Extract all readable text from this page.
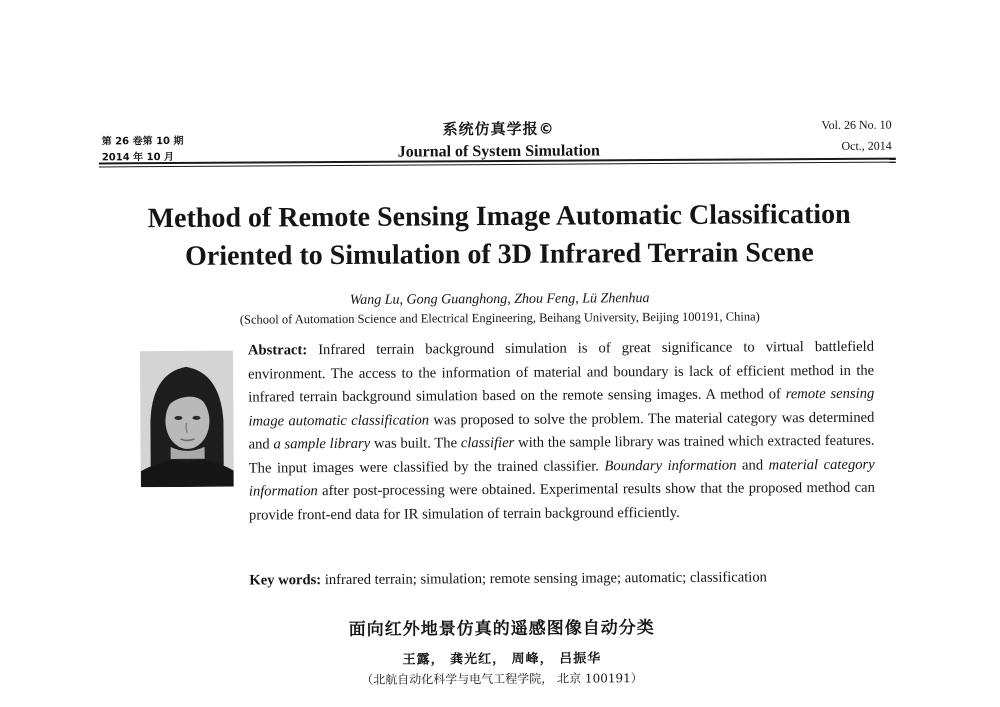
第 26 卷第 10 期
2014 年 10 月
系统仿真学报©
Journal of System Simulation
Vol. 26 No. 10
Oct., 2014
Method of Remote Sensing Image Automatic Classification
Oriented to Simulation of 3D Infrared Terrain Scene
Wang Lu, Gong Guanghong, Zhou Feng, Lü Zhenhua
(School of Automation Science and Electrical Engineering, Beihang University, Beijing 100191, China)
Abstract: Infrared terrain background simulation is of great significance to virtual battlefield environment. The access to the information of material and boundary is lack of efficient method in the infrared terrain background simulation based on the remote sensing images. A method of remote sensing image automatic classification was proposed to solve the problem. The material category was determined and a sample library was built. The classifier with the sample library was trained which extracted features. The input images were classified by the trained classifier. Boundary information and material category information after post-processing were obtained. Experimental results show that the proposed method can provide front-end data for IR simulation of terrain background efficiently.
Key words: infrared terrain; simulation; remote sensing image; automatic; classification
面向红外地景仿真的遥感图像自动分类
王露， 龚光红， 周峰， 吕振华
（北航自动化科学与电气工程学院， 北京 100191）
